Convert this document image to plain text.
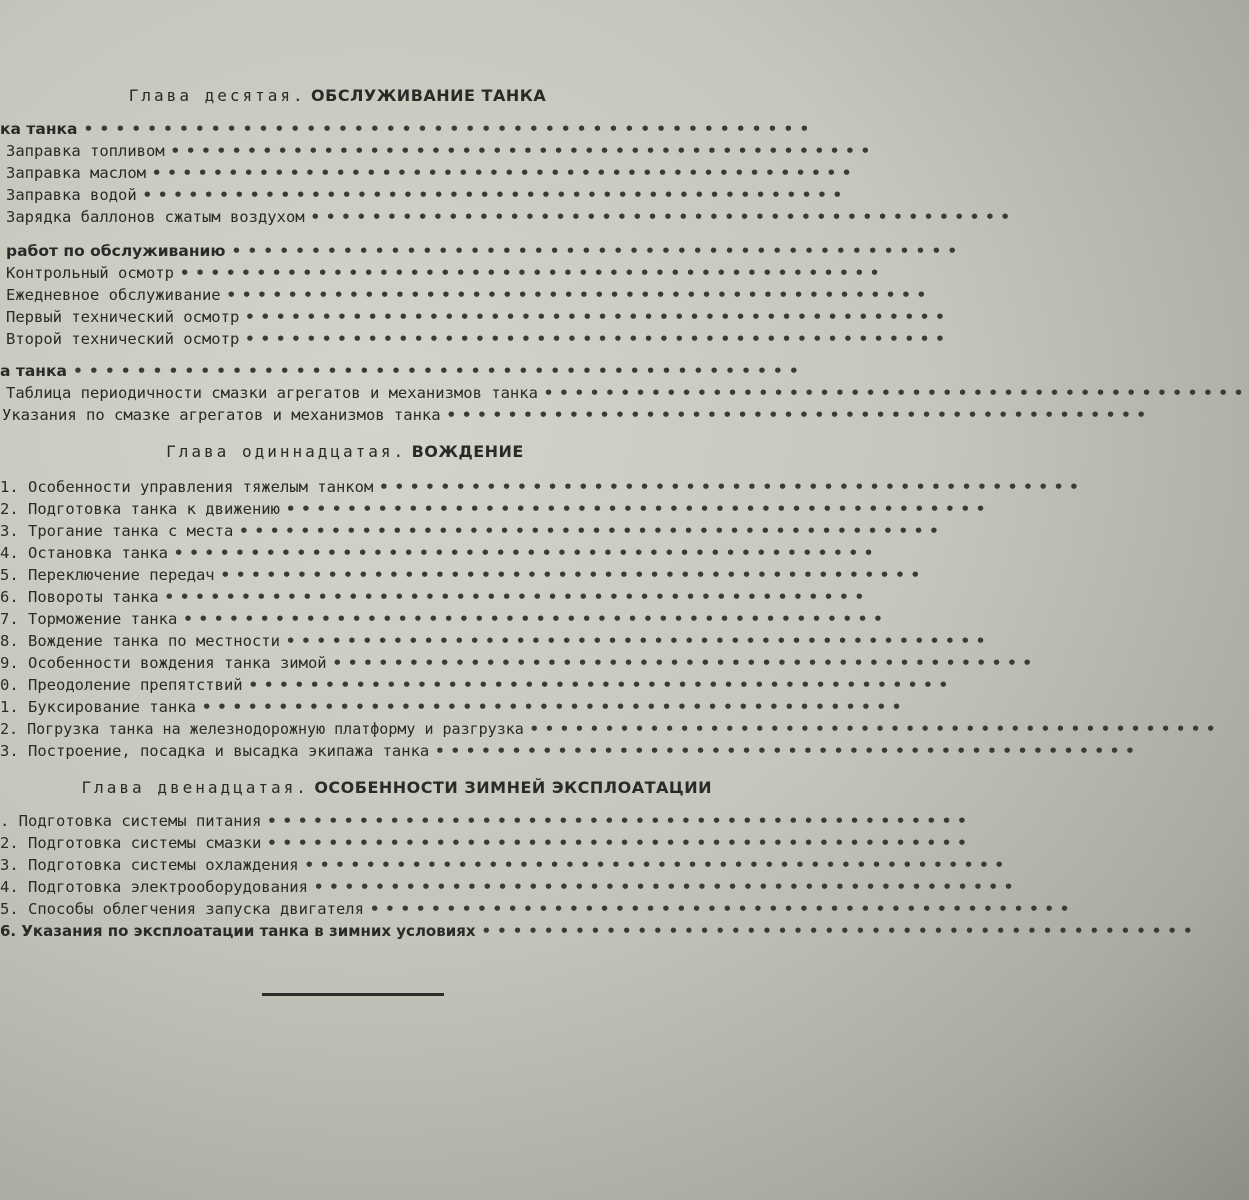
Глава десятая. ОБСЛУЖИВАНИЕ ТАНКА
ка танка ••••••••••••••••••••••••••••••••••••••••••••••
Заправка топливом ••••••••••••••••••••••••••••••••••••••••••••••
Заправка маслом ••••••••••••••••••••••••••••••••••••••••••••••
Заправка водой ••••••••••••••••••••••••••••••••••••••••••••••
Зарядка баллонов сжатым воздухом ••••••••••••••••••••••••••••••••••••••••••••••
работ по обслуживанию ••••••••••••••••••••••••••••••••••••••••••••••
Контрольный осмотр ••••••••••••••••••••••••••••••••••••••••••••••
Ежедневное обслуживание ••••••••••••••••••••••••••••••••••••••••••••••
Первый технический осмотр ••••••••••••••••••••••••••••••••••••••••••••••
Второй технический осмотр ••••••••••••••••••••••••••••••••••••••••••••••
а танка ••••••••••••••••••••••••••••••••••••••••••••••
Таблица периодичности смазки агрегатов и механизмов танка ••••••••••••••••••••••••••••••••••••••••••••••
Указания по смазке агрегатов и механизмов танка ••••••••••••••••••••••••••••••••••••••••••••••
Глава одиннадцатая. ВОЖДЕНИЕ
1. Особенности управления тяжелым танком ••••••••••••••••••••••••••••••••••••••••••••••
2. Подготовка танка к движению ••••••••••••••••••••••••••••••••••••••••••••••
3. Трогание танка с места ••••••••••••••••••••••••••••••••••••••••••••••
4. Остановка танка ••••••••••••••••••••••••••••••••••••••••••••••
5. Переключение передач ••••••••••••••••••••••••••••••••••••••••••••••
6. Повороты танка ••••••••••••••••••••••••••••••••••••••••••••••
7. Торможение танка ••••••••••••••••••••••••••••••••••••••••••••••
8. Вождение танка по местности ••••••••••••••••••••••••••••••••••••••••••••••
9. Особенности вождения танка зимой ••••••••••••••••••••••••••••••••••••••••••••••
0. Преодоление препятствий ••••••••••••••••••••••••••••••••••••••••••••••
1. Буксирование танка ••••••••••••••••••••••••••••••••••••••••••••••
2. Погрузка танка на железнодорожную платформу и разгрузка ••••••••••••••••••••••••••••••••••••••••••••••
3. Построение, посадка и высадка экипажа танка ••••••••••••••••••••••••••••••••••••••••••••••
Глава двенадцатая. ОСОБЕННОСТИ ЗИМНЕЙ ЭКСПЛОАТАЦИИ
. Подготовка системы питания ••••••••••••••••••••••••••••••••••••••••••••••
2. Подготовка системы смазки ••••••••••••••••••••••••••••••••••••••••••••••
3. Подготовка системы охлаждения ••••••••••••••••••••••••••••••••••••••••••••••
4. Подготовка электрооборудования ••••••••••••••••••••••••••••••••••••••••••••••
5. Способы облегчения запуска двигателя ••••••••••••••••••••••••••••••••••••••••••••••
6. Указания по эксплоатации танка в зимних условиях ••••••••••••••••••••••••••••••••••••••••••••••
